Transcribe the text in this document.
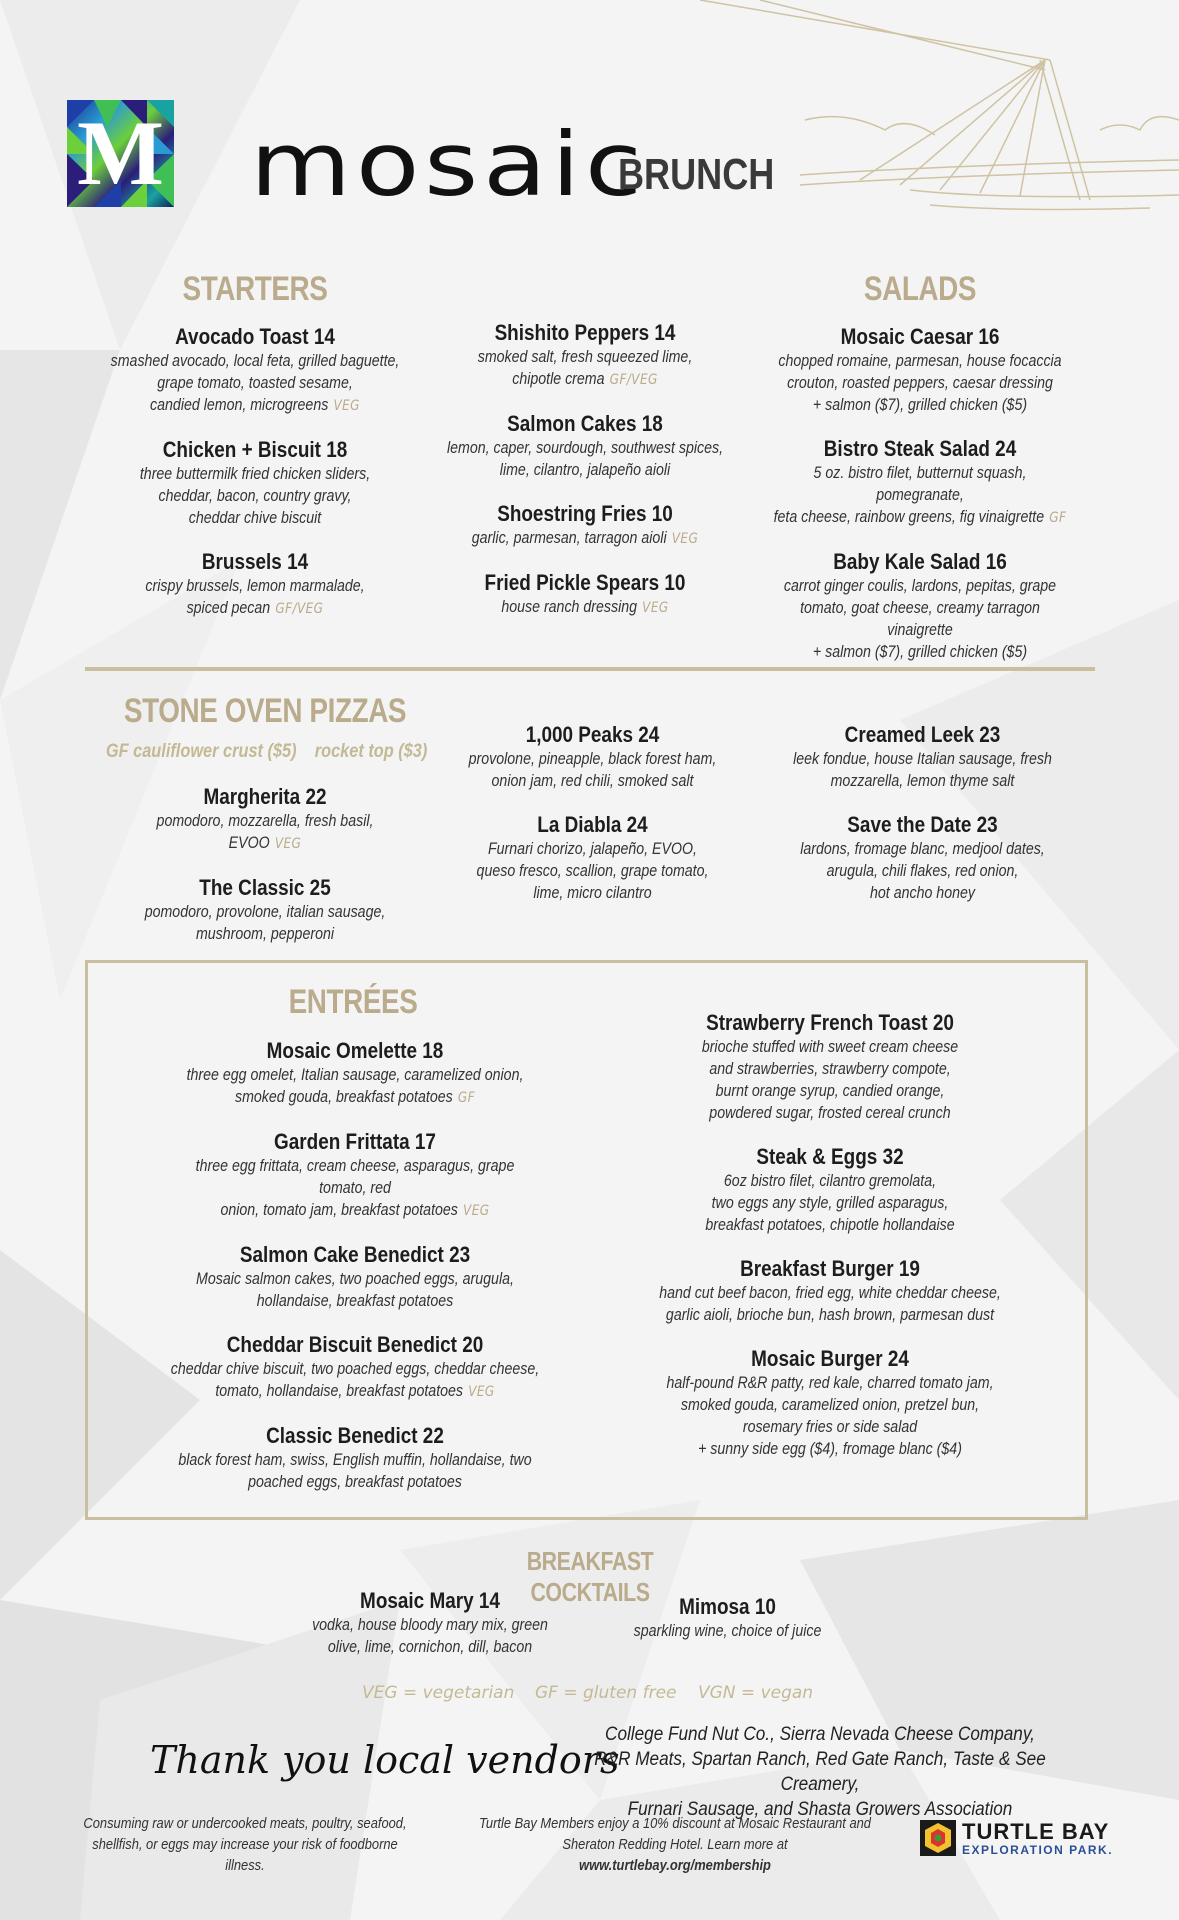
M mosaic
BRUNCH
STARTERS
Avocado Toast 14
smashed avocado, local feta, grilled baguette,
grape tomato, toasted sesame,
candied lemon, microgreens VEG
Chicken + Biscuit 18
three buttermilk fried chicken sliders,
cheddar, bacon, country gravy,
cheddar chive biscuit
Brussels 14
crispy brussels, lemon marmalade,
spiced pecan GF/VEG
Shishito Peppers 14
smoked salt, fresh squeezed lime,
chipotle crema GF/VEG
Salmon Cakes 18
lemon, caper, sourdough, southwest spices,
lime, cilantro, jalapeño aioli
Shoestring Fries 10
garlic, parmesan, tarragon aioli VEG
Fried Pickle Spears 10
house ranch dressing VEG
SALADS
Mosaic Caesar 16
chopped romaine, parmesan, house focaccia
crouton, roasted peppers, caesar dressing
+ salmon ($7), grilled chicken ($5)
Bistro Steak Salad 24
5 oz. bistro filet, butternut squash, pomegranate,
feta cheese, rainbow greens, fig vinaigrette GF
Baby Kale Salad 16
carrot ginger coulis, lardons, pepitas, grape
tomato, goat cheese, creamy tarragon vinaigrette
+ salmon ($7), grilled chicken ($5)
STONE OVEN PIZZAS
GF cauliflower crust ($5)    rocket top ($3)
Margherita 22
pomodoro, mozzarella, fresh basil, EVOO VEG
The Classic 25
pomodoro, provolone, italian sausage,
mushroom, pepperoni
1,000 Peaks 24
provolone, pineapple, black forest ham,
onion jam, red chili, smoked salt
La Diabla 24
Furnari chorizo, jalapeño, EVOO,
queso fresco, scallion, grape tomato,
lime, micro cilantro
Creamed Leek 23
leek fondue, house Italian sausage, fresh
mozzarella, lemon thyme salt
Save the Date 23
lardons, fromage blanc, medjool dates,
arugula, chili flakes, red onion,
hot ancho honey
ENTRÉES
Mosaic Omelette 18
three egg omelet, Italian sausage, caramelized onion,
smoked gouda, breakfast potatoes GF
Garden Frittata 17
three egg frittata, cream cheese, asparagus, grape tomato, red
onion, tomato jam, breakfast potatoes VEG
Salmon Cake Benedict 23
Mosaic salmon cakes, two poached eggs, arugula,
hollandaise, breakfast potatoes
Cheddar Biscuit Benedict 20
cheddar chive biscuit, two poached eggs, cheddar cheese,
tomato, hollandaise, breakfast potatoes VEG
Classic Benedict 22
black forest ham, swiss, English muffin, hollandaise, two
poached eggs, breakfast potatoes
Strawberry French Toast 20
brioche stuffed with sweet cream cheese
and strawberries, strawberry compote,
burnt orange syrup, candied orange,
powdered sugar, frosted cereal crunch
Steak & Eggs 32
6oz bistro filet, cilantro gremolata,
two eggs any style, grilled asparagus,
breakfast potatoes, chipotle hollandaise
Breakfast Burger 19
hand cut beef bacon, fried egg, white cheddar cheese,
garlic aioli, brioche bun, hash brown, parmesan dust
Mosaic Burger 24
half-pound R&R patty, red kale, charred tomato jam,
smoked gouda, caramelized onion, pretzel bun,
rosemary fries or side salad
+ sunny side egg ($4), fromage blanc ($4)
BREAKFAST COCKTAILS
Mosaic Mary 14
vodka, house bloody mary mix, green
olive, lime, cornichon, dill, bacon
Mimosa 10
sparkling wine, choice of juice
VEG = vegetarian GF = gluten free VGN = vegan
Thank you local vendors
College Fund Nut Co., Sierra Nevada Cheese Company,
R&R Meats, Spartan Ranch, Red Gate Ranch, Taste & See Creamery,
Furnari Sausage, and Shasta Growers Association
Consuming raw or undercooked meats, poultry, seafood,
shellfish, or eggs may increase your risk of foodborne illness.
Turtle Bay Members enjoy a 10% discount at Mosaic Restaurant and
Sheraton Redding Hotel. Learn more at www.turtlebay.org/membership
TURTLE BAY
EXPLORATION PARK.
